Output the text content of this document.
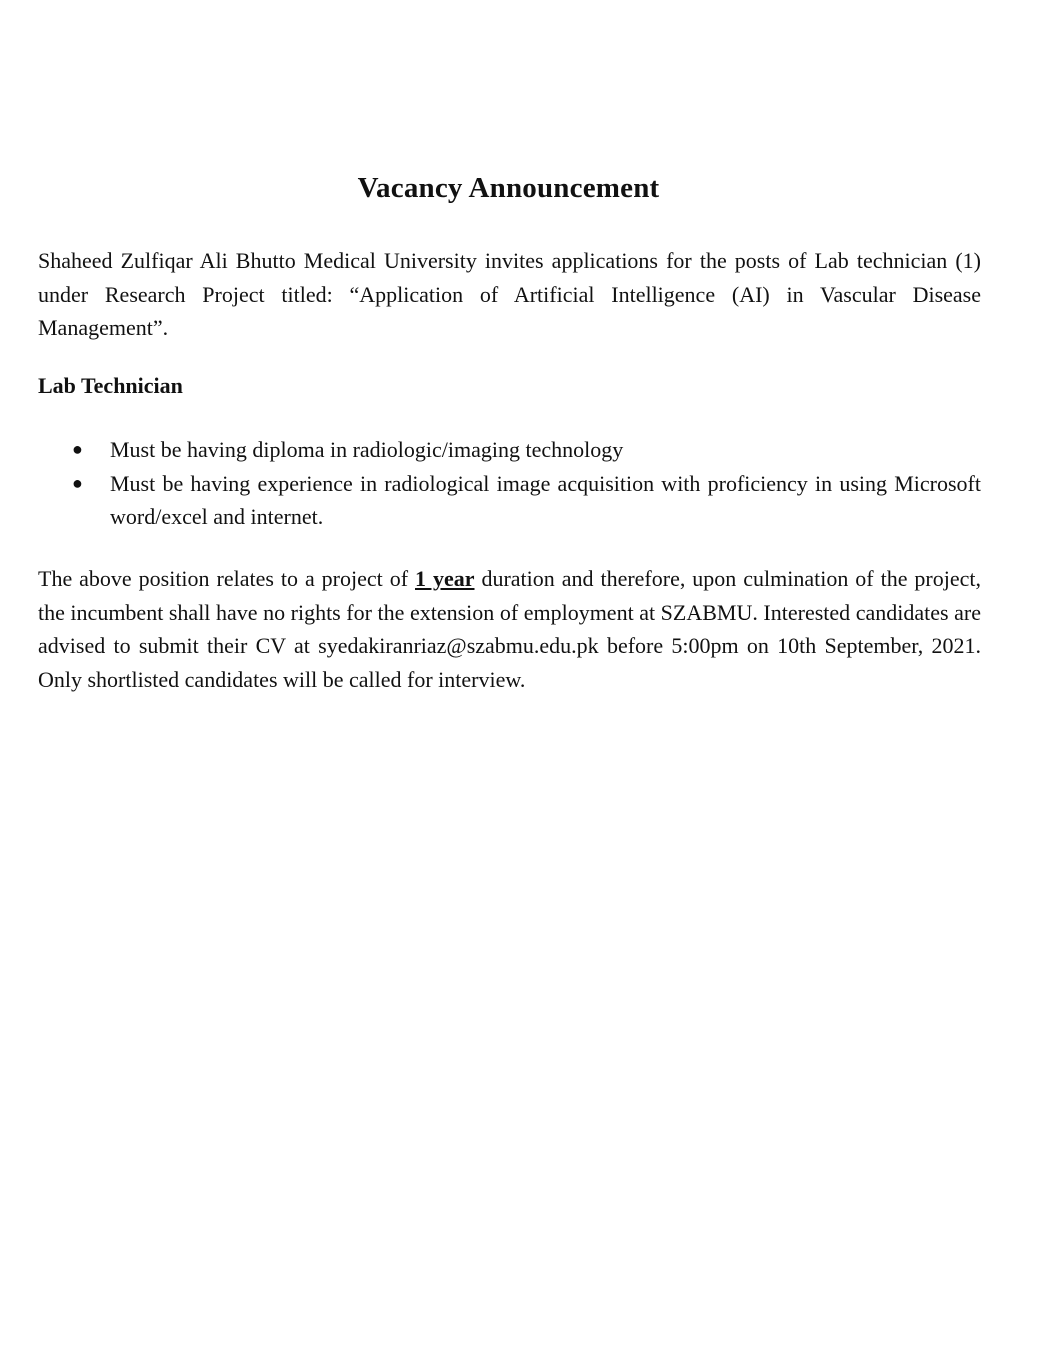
Vacancy Announcement

Shaheed Zulfiqar Ali Bhutto Medical University invites applications for the posts of Lab technician (1) under Research Project titled: “Application of Artificial Intelligence (AI) in Vascular Disease Management”.

Lab Technician
● Must be having diploma in radiologic/imaging technology
● Must be having experience in radiological image acquisition with proficiency in using Microsoft word/excel and internet.

The above position relates to a project of 1 year duration and therefore, upon culmination of the project, the incumbent shall have no rights for the extension of employment at SZABMU. Interested candidates are advised to submit their CV at syedakiranriaz@szabmu.edu.pk before 5:00pm on 10th September, 2021. Only shortlisted candidates will be called for interview.
